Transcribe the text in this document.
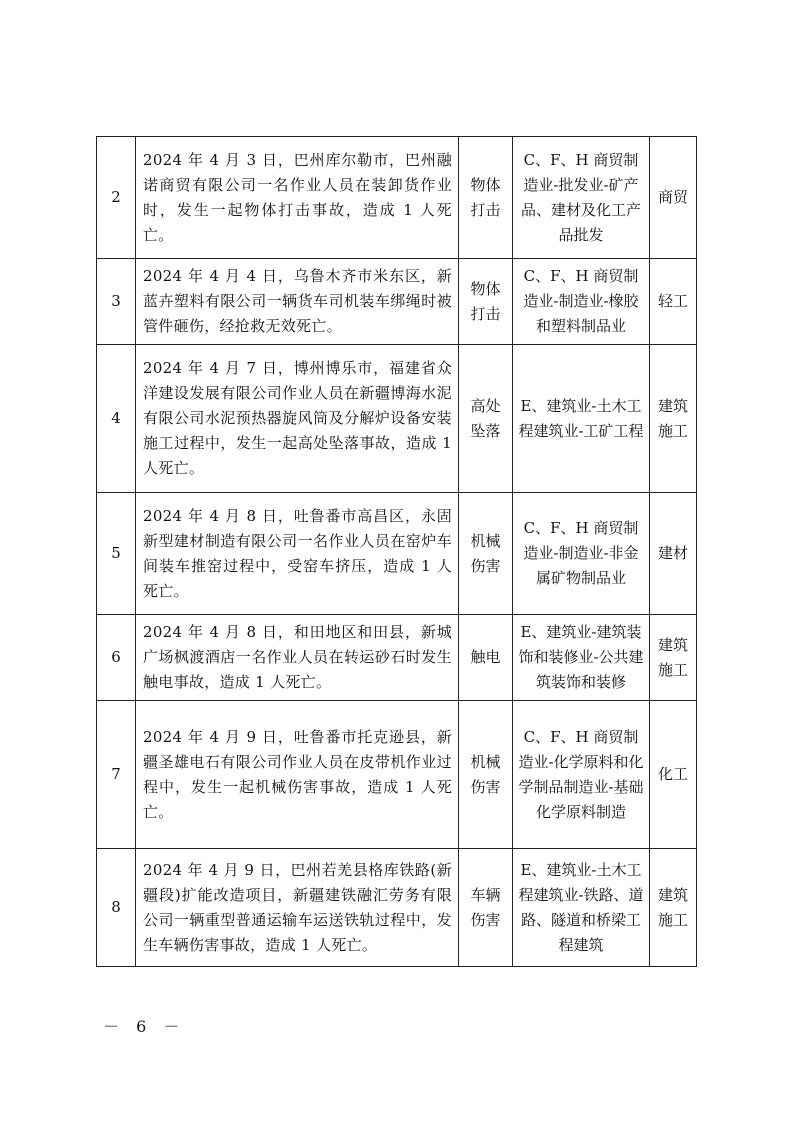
2	2024 年 4 月 3 日，巴州库尔勒市，巴州融诺商贸有限公司一名作业人员在装卸货作业时，发生一起物体打击事故，造成 1 人死亡。	物体打击	C、F、H 商贸制造业-批发业-矿产品、建材及化工产品批发	商贸

3	2024 年 4 月 4 日，乌鲁木齐市米东区，新蓝卉塑料有限公司一辆货车司机装车绑绳时被管件砸伤，经抢救无效死亡。	物体打击	C、F、H 商贸制造业-制造业-橡胶和塑料制品业	轻工

4	2024 年 4 月 7 日，博州博乐市，福建省众洋建设发展有限公司作业人员在新疆博海水泥有限公司水泥预热器旋风筒及分解炉设备安装施工过程中，发生一起高处坠落事故，造成 1 人死亡。	高处坠落	E、建筑业-土木工程建筑业-工矿工程	建筑施工

5	2024 年 4 月 8 日，吐鲁番市高昌区，永固新型建材制造有限公司一名作业人员在窑炉车间装车推窑过程中，受窑车挤压，造成 1 人死亡。	机械伤害	C、F、H 商贸制造业-制造业-非金属矿物制品业	建材

6	2024 年 4 月 8 日，和田地区和田县，新城广场枫渡酒店一名作业人员在转运砂石时发生触电事故，造成 1 人死亡。	触电	E、建筑业-建筑装饰和装修业-公共建筑装饰和装修	建筑施工

7	2024 年 4 月 9 日，吐鲁番市托克逊县，新疆圣雄电石有限公司作业人员在皮带机作业过程中，发生一起机械伤害事故，造成 1 人死亡。	机械伤害	C、F、H 商贸制造业-化学原料和化学制品制造业-基础化学原料制造	化工

8	2024 年 4 月 9 日，巴州若羌县格库铁路(新疆段)扩能改造项目，新疆建铁融汇劳务有限公司一辆重型普通运输车运送铁轨过程中，发生车辆伤害事故，造成 1 人死亡。	车辆伤害	E、建筑业-土木工程建筑业-铁路、道路、隧道和桥梁工程建筑	建筑施工
－ 6 －
